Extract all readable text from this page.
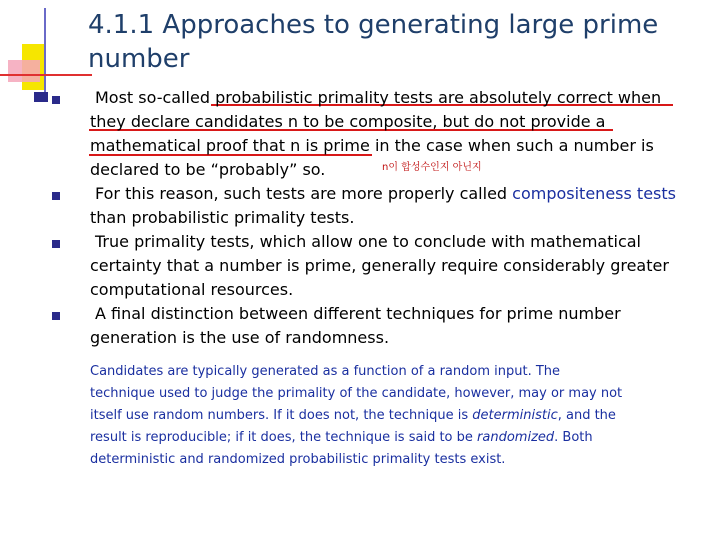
4.1.1 Approaches to generating large prime
number
Most so-called probabilistic primality tests are absolutely correct when
they declare candidates n to be composite, but do not provide a
mathematical proof that n is prime in the case when such a number is
declared to be “probably” so.
For this reason, such tests are more properly called compositeness tests
than probabilistic primality tests.
True primality tests, which allow one to conclude with mathematical
certainty that a number is prime, generally require considerably greater
computational resources.
A final distinction between different techniques for prime number
generation is the use of randomness.
n이 합성수인지 아닌지
Candidates are typically generated as a function of a random input. The
technique used to judge the primality of the candidate, however, may or may not
itself use random numbers. If it does not, the technique is deterministic, and the
result is reproducible; if it does, the technique is said to be randomized. Both
deterministic and randomized probabilistic primality tests exist.
